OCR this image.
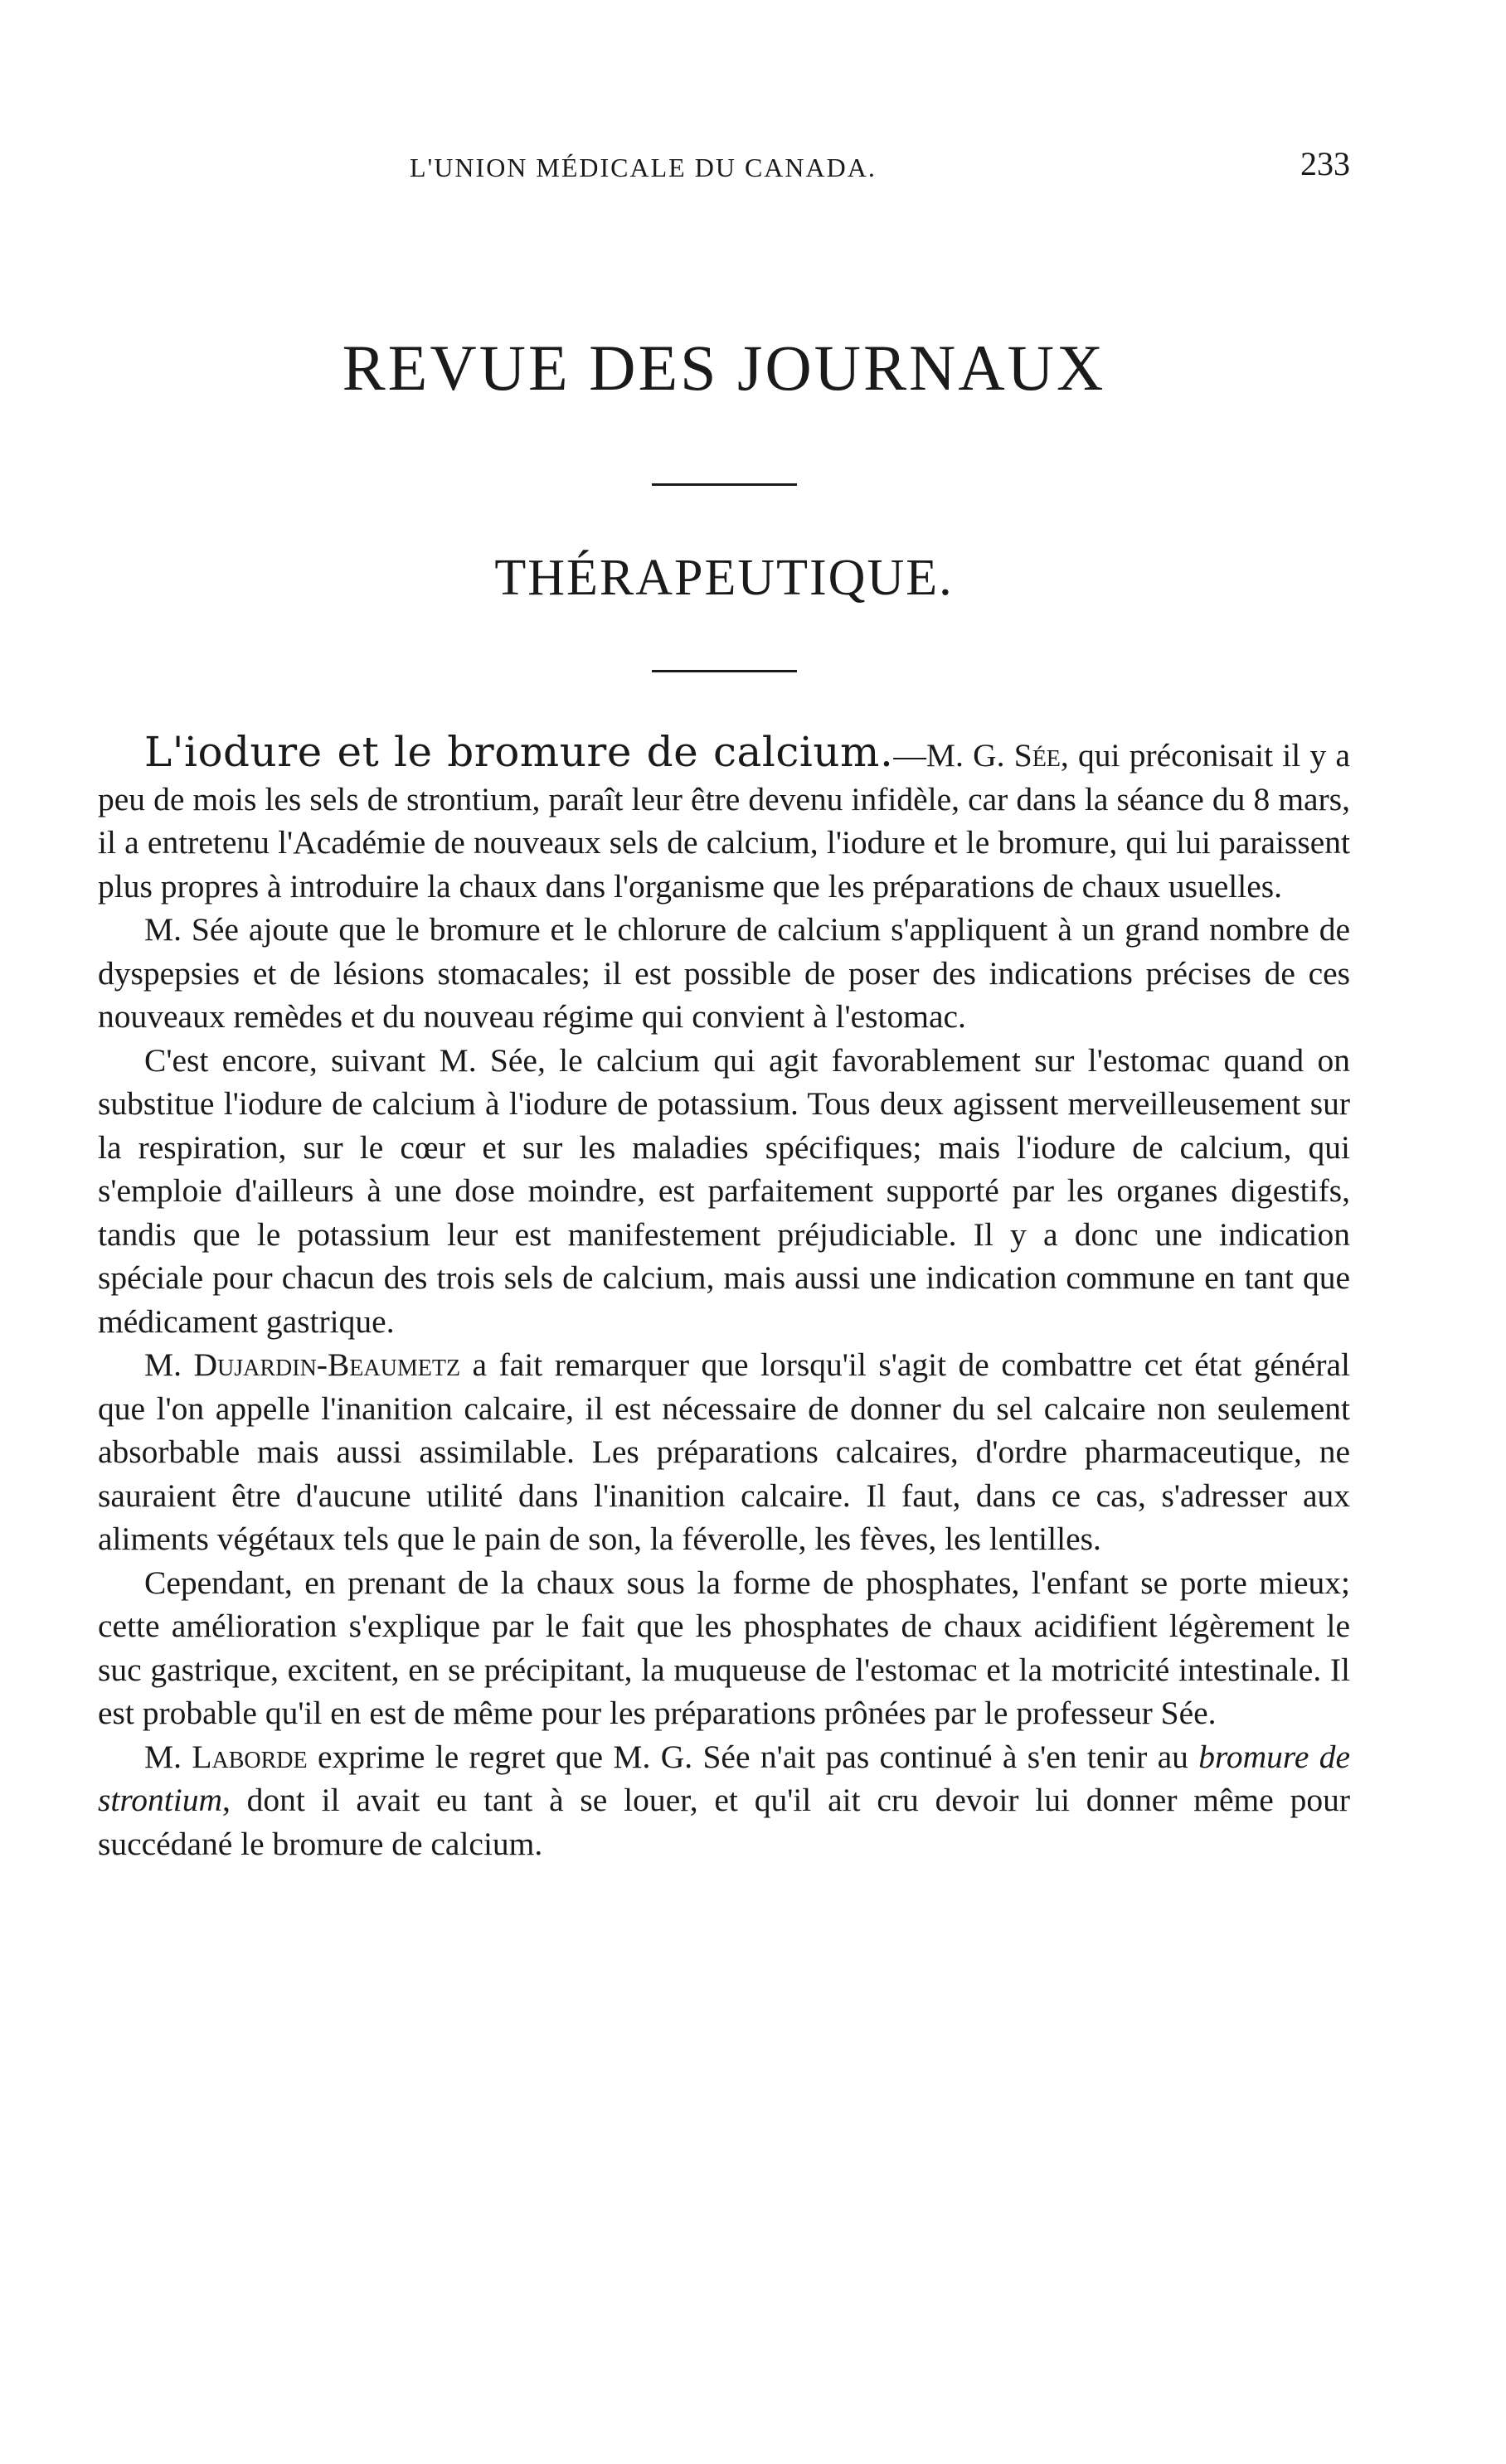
L'UNION MÉDICALE DU CANADA.	233
REVUE DES JOURNAUX
THÉRAPEUTIQUE.

L'iodure et le bromure de calcium.—M. G. Sée, qui préconisait il y a peu de mois les sels de strontium, paraît leur être devenu infidèle, car dans la séance du 8 mars, il a entretenu l'Académie de nouveaux sels de calcium, l'iodure et le bromure, qui lui paraissent plus propres à introduire la chaux dans l'organisme que les préparations de chaux usuelles.

M. Sée ajoute que le bromure et le chlorure de calcium s'appliquent à un grand nombre de dyspepsies et de lésions stomacales; il est possible de poser des indications précises de ces nouveaux remèdes et du nouveau régime qui convient à l'estomac.

C'est encore, suivant M. Sée, le calcium qui agit favorablement sur l'estomac quand on substitue l'iodure de calcium à l'iodure de potassium. Tous deux agissent merveilleusement sur la respiration, sur le cœur et sur les maladies spécifiques; mais l'iodure de calcium, qui s'emploie d'ailleurs à une dose moindre, est parfaitement supporté par les organes digestifs, tandis que le potassium leur est manifestement préjudiciable. Il y a donc une indication spéciale pour chacun des trois sels de calcium, mais aussi une indication commune en tant que médicament gastrique.

M. Dujardin-Beaumetz a fait remarquer que lorsqu'il s'agit de combattre cet état général que l'on appelle l'inanition calcaire, il est nécessaire de donner du sel calcaire non seulement absorbable mais aussi assimilable. Les préparations calcaires, d'ordre pharmaceutique, ne sauraient être d'aucune utilité dans l'inanition calcaire. Il faut, dans ce cas, s'adresser aux aliments végétaux tels que le pain de son, la féverolle, les fèves, les lentilles.

Cependant, en prenant de la chaux sous la forme de phosphates, l'enfant se porte mieux; cette amélioration s'explique par le fait que les phosphates de chaux acidifient légèrement le suc gastrique, excitent, en se précipitant, la muqueuse de l'estomac et la motricité intestinale. Il est probable qu'il en est de même pour les préparations prônées par le professeur Sée.

M. Laborde exprime le regret que M. G. Sée n'ait pas continué à s'en tenir au bromure de strontium, dont il avait eu tant à se louer, et qu'il ait cru devoir lui donner même pour succédané le bromure de calcium.
